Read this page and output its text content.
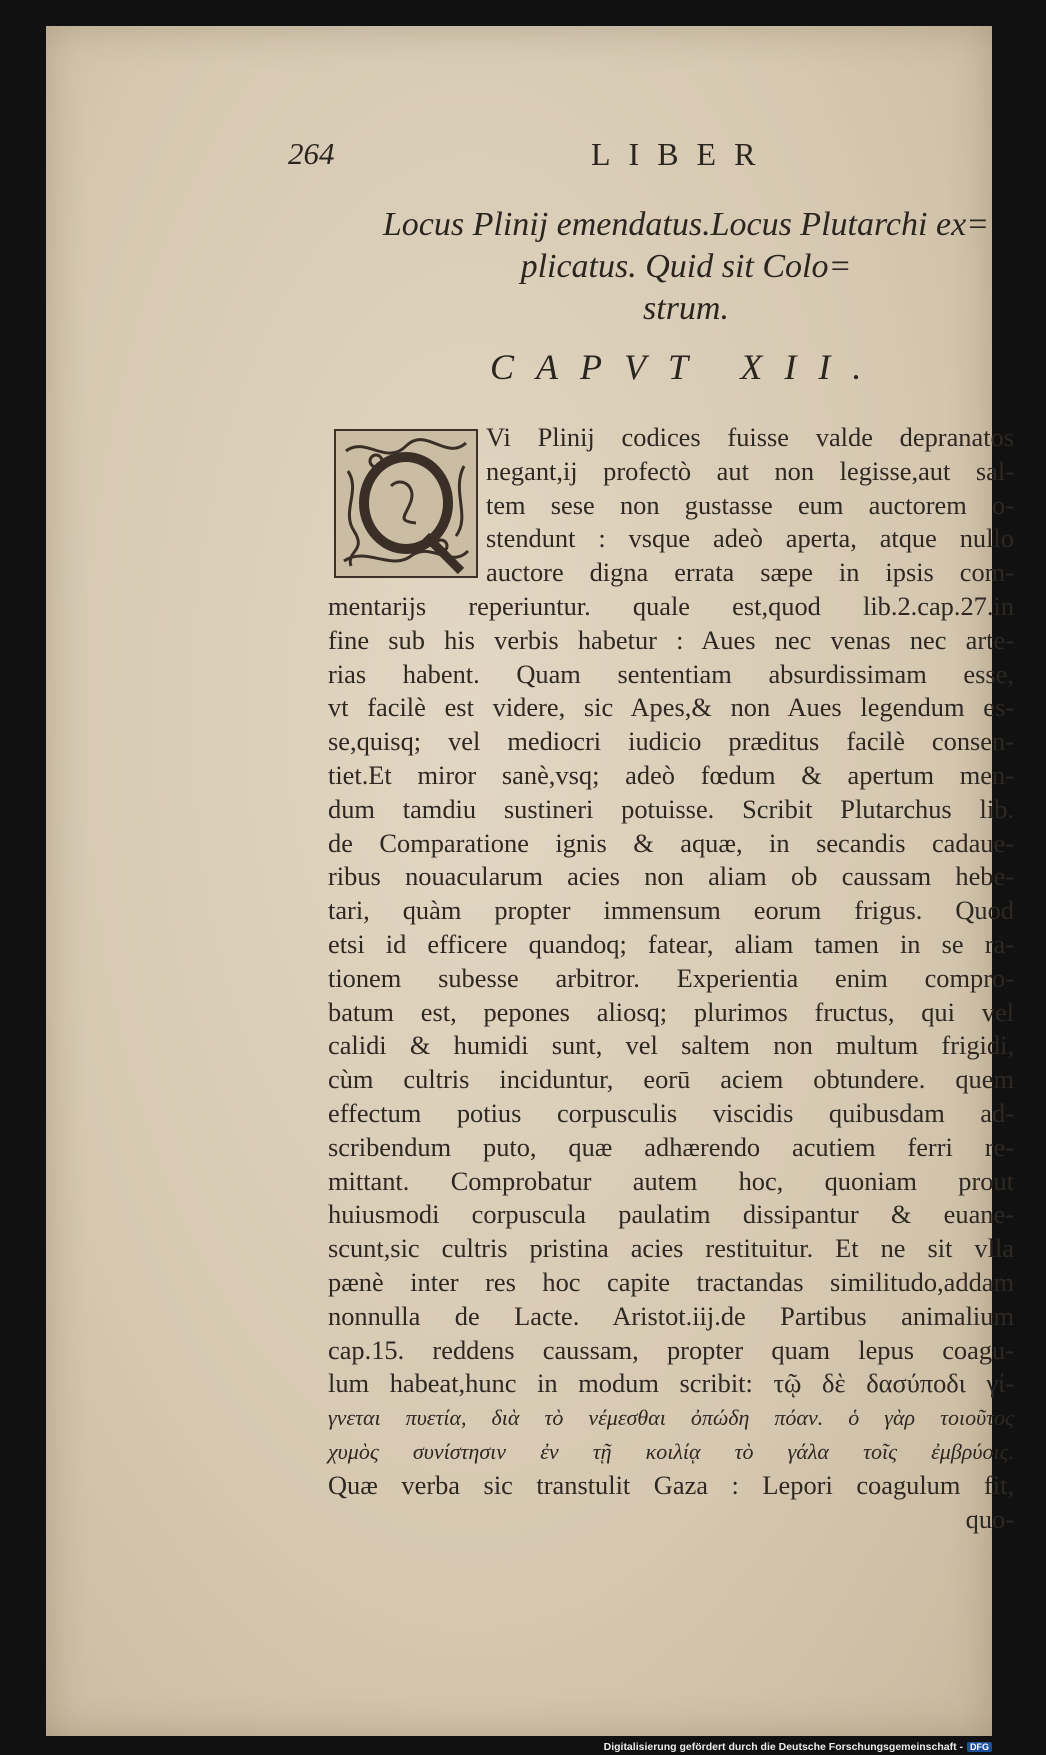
264	LIBER
Locus Plinij emendatus.Locus Plutarchi ex=
plicatus. Quid sit Colo=
strum.
CAPVT XII.
Vi Plinij codices fuisse valde depranatos
negant,ij profectò aut non legisse,aut sal-
tem sese non gustasse eum auctorem o-
stendunt : vsque adeò aperta, atque nullo
auctore digna errata sæpe in ipsis com-
mentarijs reperiuntur. quale est,quod lib.2.cap.27.in
fine sub his verbis habetur : Aues nec venas nec arte-
rias habent. Quam sententiam absurdissimam esse,
vt facilè est videre, sic Apes,& non Aues legendum es-
se,quisq; vel mediocri iudicio præditus facilè consen-
tiet.Et miror sanè,vsq; adeò fœdum & apertum men-
dum tamdiu sustineri potuisse. Scribit Plutarchus lib.
de Comparatione ignis & aquæ, in secandis cadaue-
ribus nouacularum acies non aliam ob caussam hebe-
tari, quàm propter immensum eorum frigus. Quod
etsi id efficere quandoq; fatear, aliam tamen in se ra-
tionem subesse arbitror. Experientia enim compro-
batum est, pepones aliosq; plurimos fructus, qui vel
calidi & humidi sunt, vel saltem non multum frigidi,
cùm cultris inciduntur, eorū aciem obtundere. quem
effectum potius corpusculis viscidis quibusdam ad-
scribendum puto, quæ adhærendo acutiem ferri re-
mittant. Comprobatur autem hoc, quoniam prout
huiusmodi corpuscula paulatim dissipantur & euane-
scunt,sic cultris pristina acies restituitur. Et ne sit vlla
pænè inter res hoc capite tractandas similitudo,addam
nonnulla de Lacte. Aristot.iij.de Partibus animalium
cap.15. reddens caussam, propter quam lepus coagu-
lum habeat,hunc in modum scribit: τῷ δὲ δασύποδι γί-
γνεται πυετία, διὰ τὸ νέμεσθαι ὀπώδη πόαν. ὁ γὰρ τοιοῦτος
χυμὸς συνίστησιν ἐν τῇ κοιλίᾳ τὸ γάλα τοῖς ἐμβρύοις.
Quæ verba sic transtulit Gaza : Lepori coagulum fit,
quo-
Digitalisierung gefördert durch die Deutsche Forschungsgemeinschaft - DFG
